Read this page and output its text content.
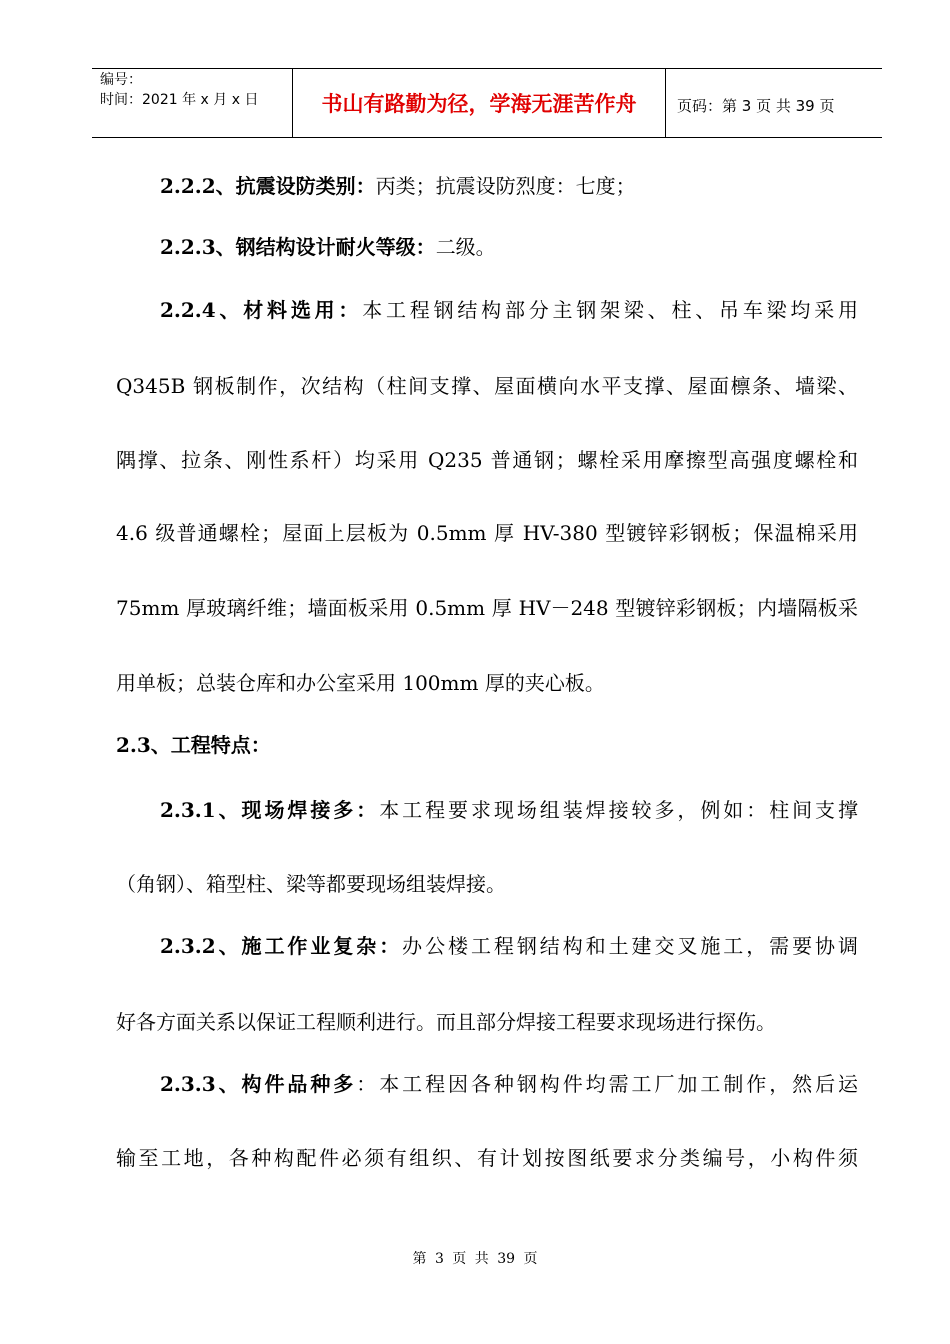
编号：
时间：2021 年 x 月 x 日	书山有路勤为径，学海无涯苦作舟	页码：第 3 页 共 39 页
2.2.2、抗震设防类别：丙类；抗震设防烈度：七度；
2.2.3、钢结构设计耐火等级：二级。
2.2.4、材料选用：本工程钢结构部分主钢架梁、柱、吊车梁均采用
Q345B 钢板制作，次结构（柱间支撑、屋面横向水平支撑、屋面檩条、墙梁、
隅撑、拉条、刚性系杆）均采用 Q235 普通钢；螺栓采用摩擦型高强度螺栓和
4.6 级普通螺栓；屋面上层板为 0.5mm 厚 HV-380 型镀锌彩钢板；保温棉采用
75mm 厚玻璃纤维；墙面板采用 0.5mm 厚 HV－248 型镀锌彩钢板；内墙隔板采
用单板；总装仓库和办公室采用 100mm 厚的夹心板。
2.3、工程特点：
2.3.1、现场焊接多：本工程要求现场组装焊接较多，例如：柱间支撑
（角钢）、箱型柱、梁等都要现场组装焊接。
2.3.2、施工作业复杂：办公楼工程钢结构和土建交叉施工，需要协调
好各方面关系以保证工程顺利进行。而且部分焊接工程要求现场进行探伤。
2.3.3、构件品种多：本工程因各种钢构件均需工厂加工制作，然后运
输至工地，各种构配件必须有组织、有计划按图纸要求分类编号，小构件须
第 3 页 共 39 页
